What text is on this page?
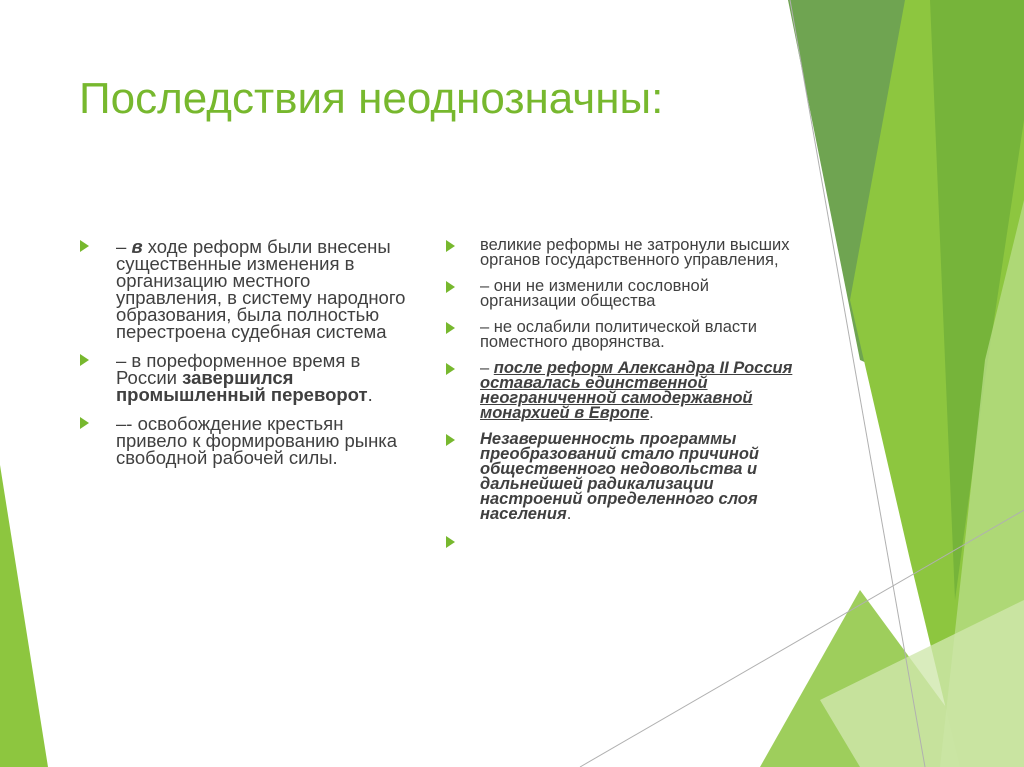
Последствия неоднозначны:
– в ходе реформ были внесены существенные изменения в организацию местного управления, в систему народного образования, была полностью перестроена судебная система
– в пореформенное время в России завершился промышленный переворот.
–- освобождение крестьян привело к формированию рынка свободной рабочей силы.
великие реформы не затронули высших органов государственного управления,
– они не изменили сословной организации общества
– не ослабили политической власти поместного дворянства.
– после реформ Александра II Россия оставалась единственной неограниченной самодержавной монархией в Европе.
Незавершенность программы преобразований стало причиной общественного недовольства и дальнейшей радикализации настроений определенного слоя населения.
